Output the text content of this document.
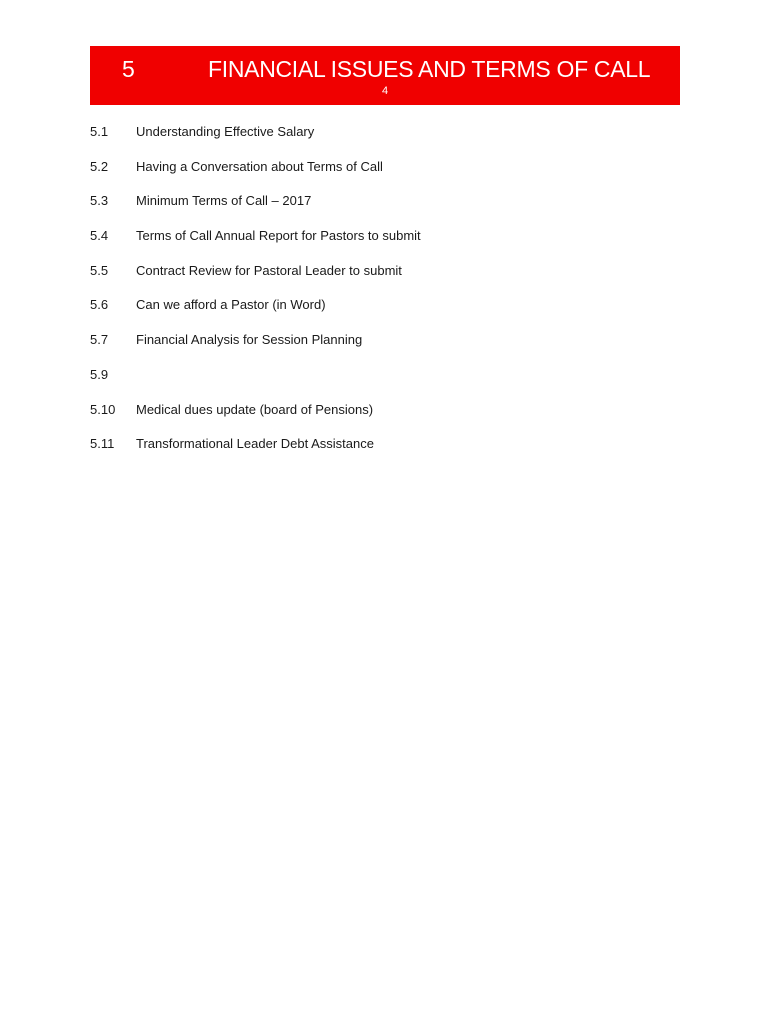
5	FINANCIAL ISSUES AND TERMS OF CALL
4
5.1 Understanding Effective Salary
5.2 Having a Conversation about Terms of Call
5.3 Minimum Terms of Call – 2017
5.4 Terms of Call Annual Report for Pastors to submit
5.5 Contract Review for Pastoral Leader to submit
5.6 Can we afford a Pastor (in Word)
5.7 Financial Analysis for Session Planning
5.9
5.10 Medical dues update (board of Pensions)
5.11 Transformational Leader Debt Assistance
